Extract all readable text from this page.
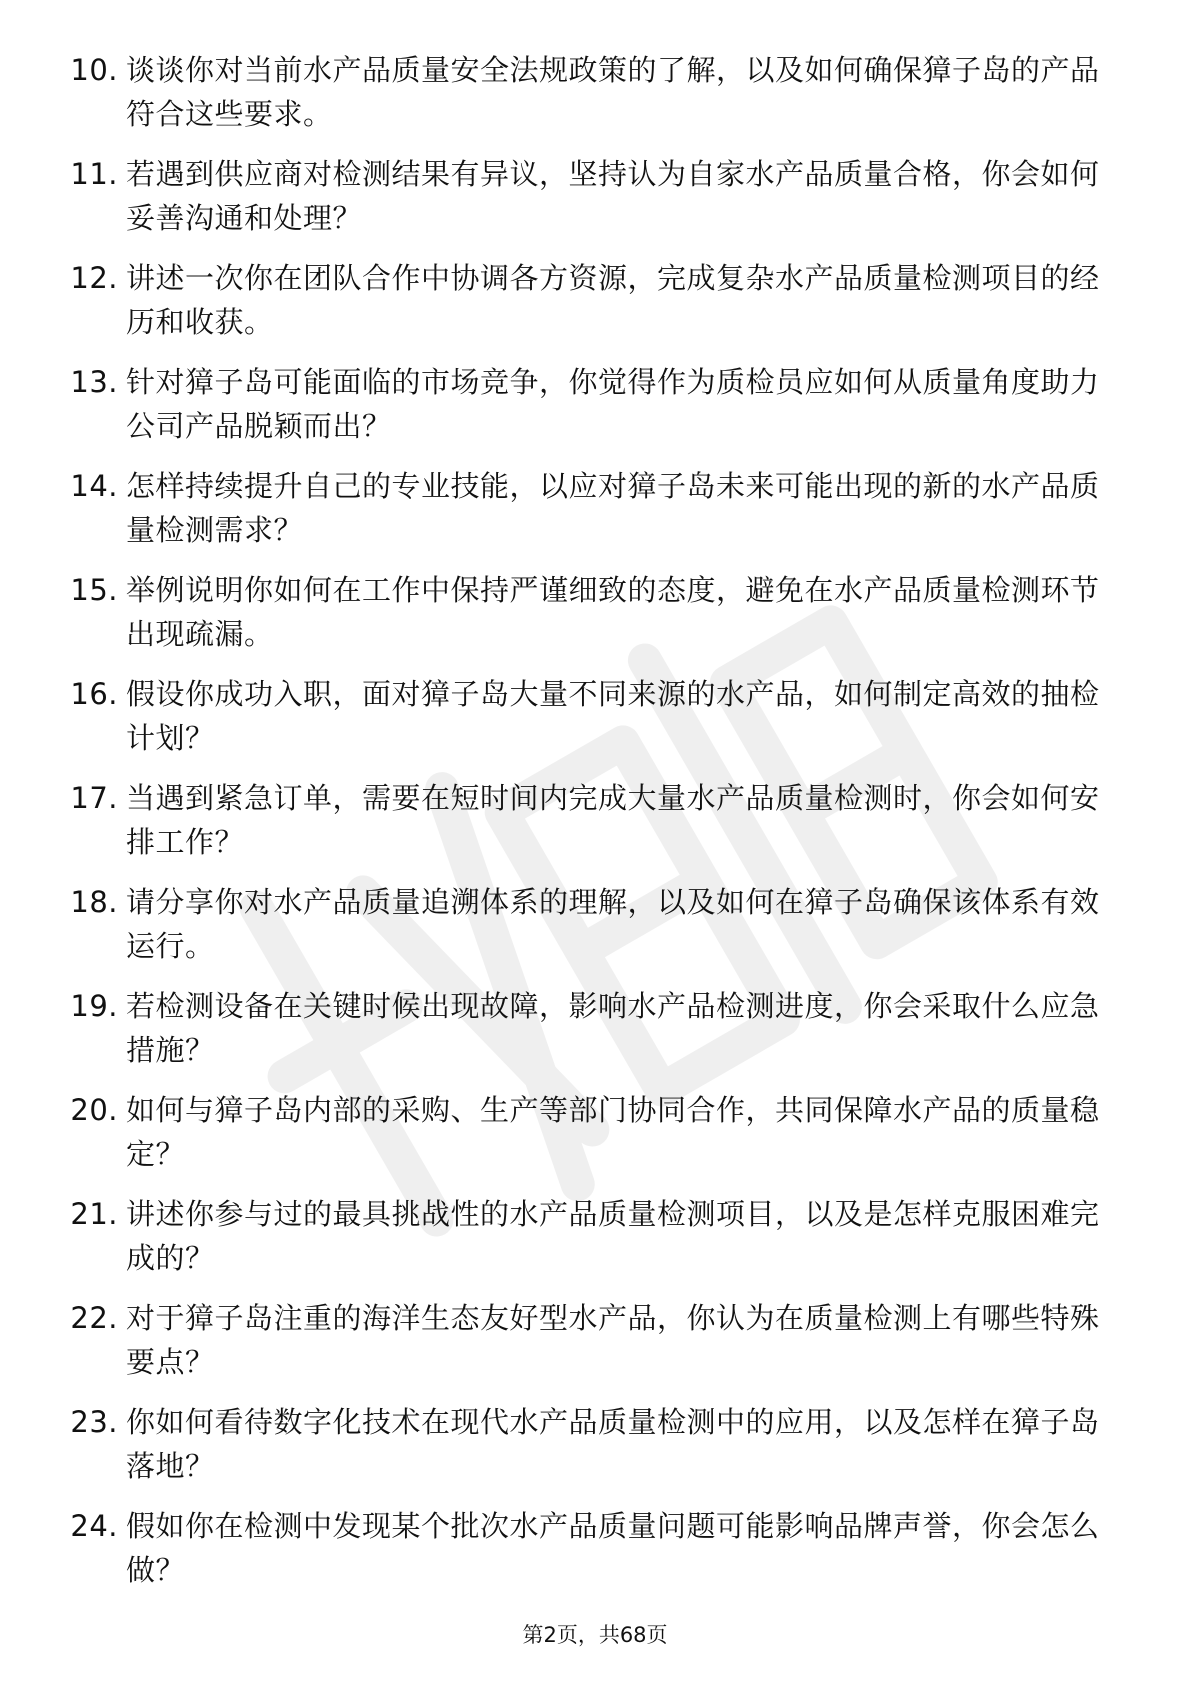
10. 谈谈你对当前水产品质量安全法规政策的了解，以及如何确保獐子岛的产品符合这些要求。
11. 若遇到供应商对检测结果有异议，坚持认为自家水产品质量合格，你会如何妥善沟通和处理？
12. 讲述一次你在团队合作中协调各方资源，完成复杂水产品质量检测项目的经历和收获。
13. 针对獐子岛可能面临的市场竞争，你觉得作为质检员应如何从质量角度助力公司产品脱颖而出？
14. 怎样持续提升自己的专业技能，以应对獐子岛未来可能出现的新的水产品质量检测需求？
15. 举例说明你如何在工作中保持严谨细致的态度，避免在水产品质量检测环节出现疏漏。
16. 假设你成功入职，面对獐子岛大量不同来源的水产品，如何制定高效的抽检计划？
17. 当遇到紧急订单，需要在短时间内完成大量水产品质量检测时，你会如何安排工作？
18. 请分享你对水产品质量追溯体系的理解，以及如何在獐子岛确保该体系有效运行。
19. 若检测设备在关键时候出现故障，影响水产品检测进度，你会采取什么应急措施？
20. 如何与獐子岛内部的采购、生产等部门协同合作，共同保障水产品的质量稳定？
21. 讲述你参与过的最具挑战性的水产品质量检测项目，以及是怎样克服困难完成的？
22. 对于獐子岛注重的海洋生态友好型水产品，你认为在质量检测上有哪些特殊要点？
23. 你如何看待数字化技术在现代水产品质量检测中的应用，以及怎样在獐子岛落地？
24. 假如你在检测中发现某个批次水产品质量问题可能影响品牌声誉，你会怎么做？
第2页，共68页
